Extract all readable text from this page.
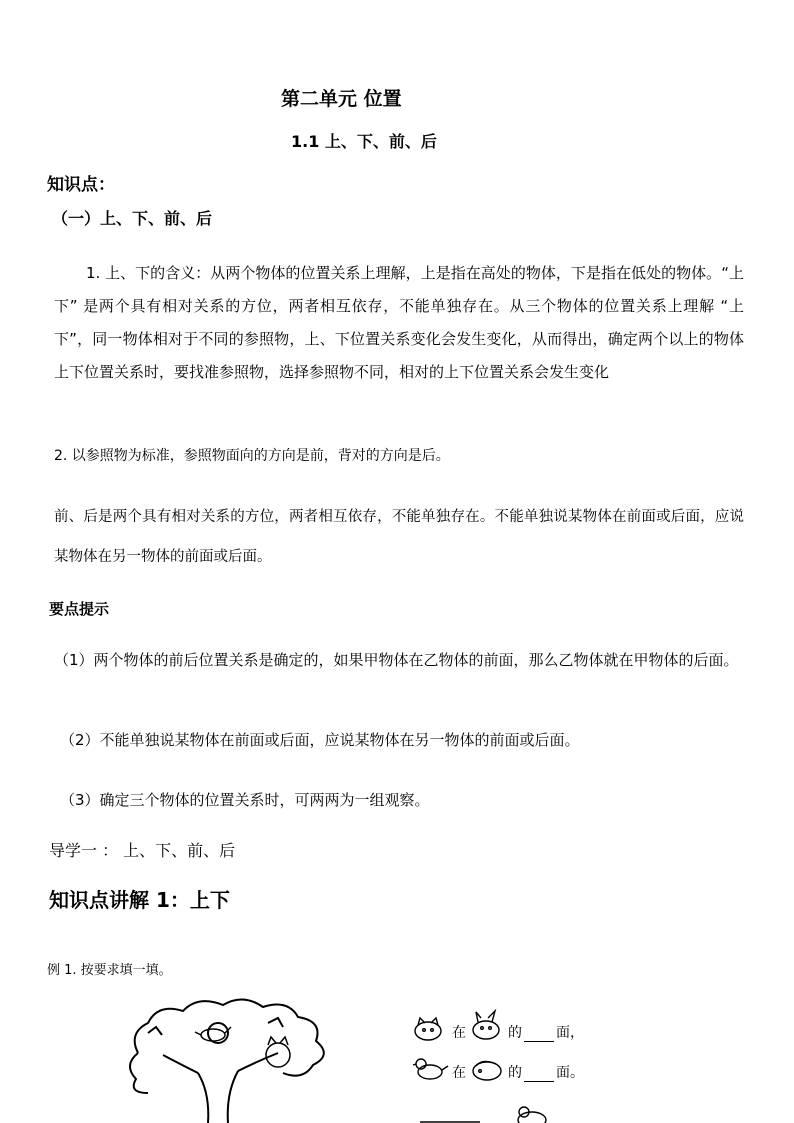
第二单元 位置
1.1 上、下、前、后
知识点：
（一）上、下、前、后
1. 上、下的含义：从两个物体的位置关系上理解，上是指在高处的物体，下是指在低处的物体。“上下” 是两个具有相对关系的方位，两者相互依存，不能单独存在。从三个物体的位置关系上理解 “上下”，同一物体相对于不同的参照物，上、下位置关系变化会发生变化，从而得出，确定两个以上的物体上下位置关系时，要找准参照物，选择参照物不同，相对的上下位置关系会发生变化
2. 以参照物为标准，参照物面向的方向是前，背对的方向是后。
前、后是两个具有相对关系的方位，两者相互依存，不能单独存在。不能单独说某物体在前面或后面，应说某物体在另一物体的前面或后面。
要点提示
（1）两个物体的前后位置关系是确定的，如果甲物体在乙物体的前面，那么乙物体就在甲物体的后面。
（2）不能单独说某物体在前面或后面，应说某物体在另一物体的前面或后面。
（3）确定三个物体的位置关系时，可两两为一组观察。
导学一 ： 上、下、前、后
知识点讲解 1：上下
例 1. 按要求填一填。
在	的 面，
在	的 面。
